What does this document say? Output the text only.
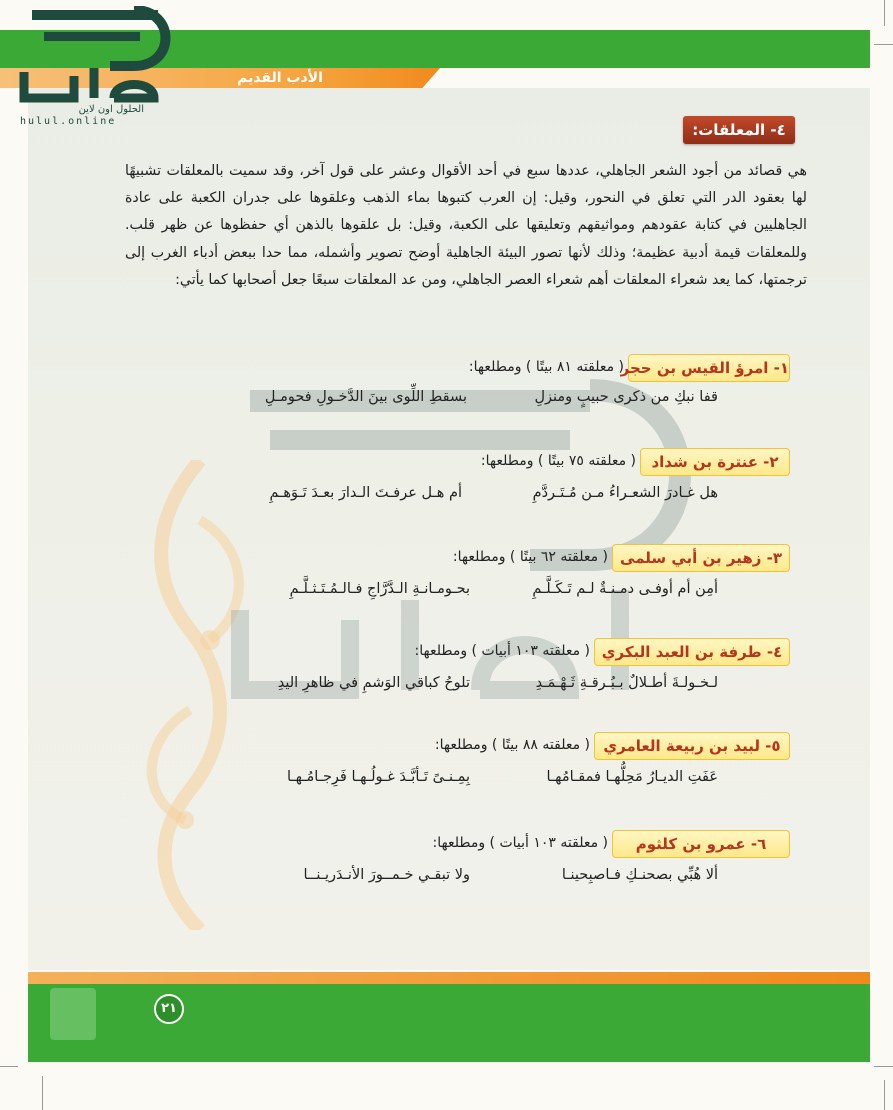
الأدب القديم
الحلول اون لاين
hulul.online	٤- المعلقات:
هي قصائد من أجود الشعر الجاهلي، عددها سبع في أحد الأقوال وعشر على قول آخر، وقد سميت بالمعلقات تشبيهًا لها بعقود الدر التي تعلق في النحور، وقيل: إن العرب كتبوها بماء الذهب وعلقوها على جدران الكعبة على عادة الجاهليين في كتابة عقودهم ومواثيقهم وتعليقها على الكعبة، وقيل: بل علقوها بالذهن أي حفظوها عن ظهر قلب. وللمعلقات قيمة أدبية عظيمة؛ وذلك لأنها تصور البيئة الجاهلية أوضح تصوير وأشمله، مما حدا ببعض أدباء الغرب إلى ترجمتها، كما يعد شعراء المعلقات أهم شعراء العصر الجاهلي، ومن عد المعلقات سبعًا جعل أصحابها كما يأتي:
١- امرؤ القيس بن حجر
( معلقته ٨١ بيتًا ) ومطلعها:
قفا نبكِ من ذكرى حبيبٍ ومنزلِ
بسقطِ اللِّوى بينَ الدَّخـولِ فحومـلِ
٢- عنترة بن شداد
( معلقته ٧٥ بيتًا ) ومطلعها:
هل غـادرَ الشعـراءُ مـن مُـتَـردَّمِ
أم هـل عرفـتَ الـدارَ بعـدَ تَـوَهـمِ
٣- زهير بن أبي سلمى
( معلقته ٦٢ بيتًا ) ومطلعها:
أمِن أم أوفـى دمـنـةٌ لـم تَـكَـلَّـمِ
بحـومـانـةِ الـدَّرَّاجِ فـالـمُـتَـثـلَّـمِ
٤- طرفة بن العبد البكري
( معلقته ١٠٣ أبيات ) ومطلعها:
لـخـولـةَ أطـلالٌ بـبُـرقـةِ ثَـهْـمَـدِ
تلوحُ كباقي الوَشمِ في ظاهرِ اليدِ
٥- لبيد بن ربيعة العامري
( معلقته ٨٨ بيتًا ) ومطلعها:
عَفَتِ الديـارُ مَحِلُّهـا فمقـامُهـا
بِمِـنـىً تَـأبَّـدَ غـولُـهـا فَرِجـامُـهـا
٦- عمرو بن كلثوم
( معلقته ١٠٣ أبيات ) ومطلعها:
ألا هُبِّي بصحنـكِ فـاصبِحينـا
ولا تبقـي خـمــورَ الأنـدَريـنــا
٢١
